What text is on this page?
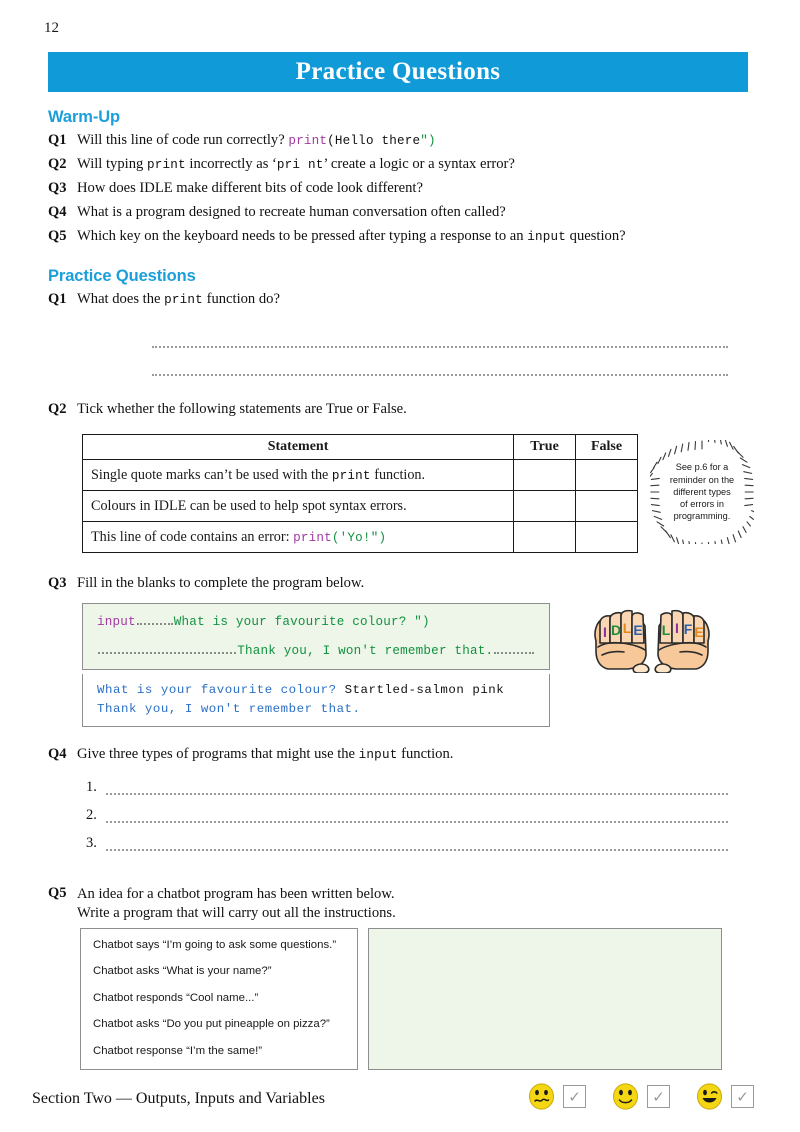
12
Practice Questions
Warm-Up
Q1 Will this line of code run correctly? print(Hello there")
Q2 Will typing print incorrectly as ‘pri nt’ create a logic or a syntax error?
Q3 How does IDLE make different bits of code look different?
Q4 What is a program designed to recreate human conversation often called?
Q5 Which key on the keyboard needs to be pressed after typing a response to an input question?
Practice Questions
Q1 What does the print function do?
Q2 Tick whether the following statements are True or False.
Statement	True	False
Single quote marks can’t be used with the print function.		
Colours in IDLE can be used to help spot syntax errors.		
This line of code contains an error: print('Yo!")		
See p.6 for a
reminder on the
different types
of errors in
programming.
Q3 Fill in the blanks to complete the program below.
input	What is your favourite colour? ")
Thank you, I won't remember that.
What is your favourite colour? Startled-salmon pink
Thank you, I won't remember that.
I D L E L I F E
Q4 Give three types of programs that might use the input function.
1.
2.
3.
Q5 An idea for a chatbot program has been written below.
Write a program that will carry out all the instructions.
Chatbot says “I’m going to ask some questions.”
Chatbot asks “What is your name?”
Chatbot responds “Cool name...”
Chatbot asks “Do you put pineapple on pizza?”
Chatbot response “I’m the same!”
Section Two — Outputs, Inputs and Variables	✓	✓	✓
